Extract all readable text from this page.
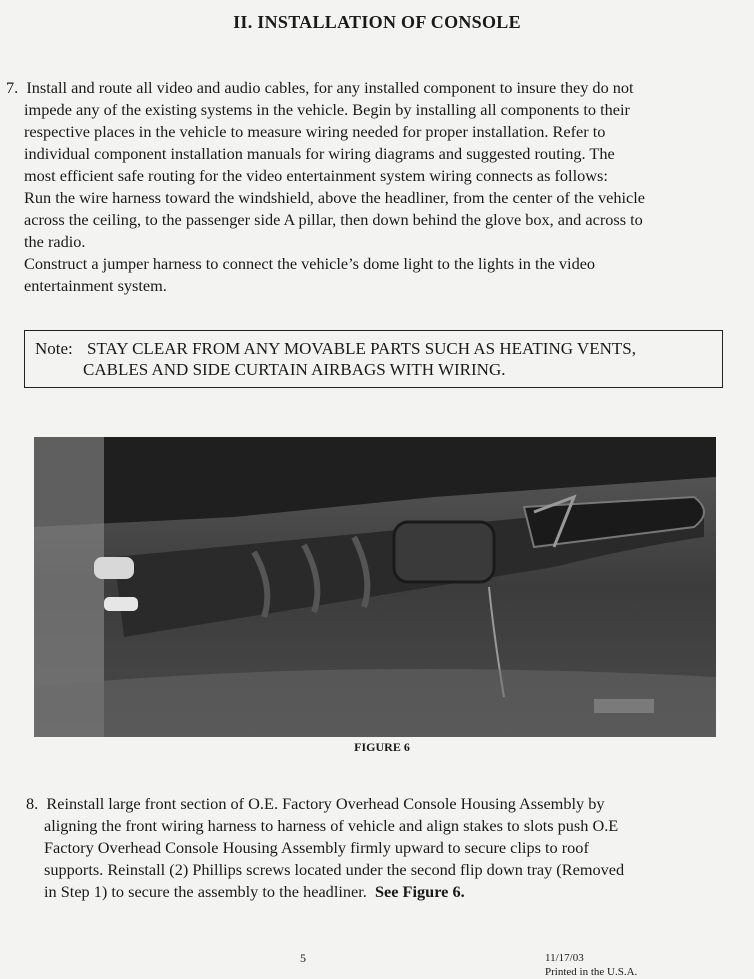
II. INSTALLATION OF CONSOLE
7. Install and route all video and audio cables, for any installed component to insure they do not
impede any of the existing systems in the vehicle. Begin by installing all components to their
respective places in the vehicle to measure wiring needed for proper installation. Refer to
individual component installation manuals for wiring diagrams and suggested routing. The
most efficient safe routing for the video entertainment system wiring connects as follows:
Run the wire harness toward the windshield, above the headliner, from the center of the vehicle
across the ceiling, to the passenger side A pillar, then down behind the glove box, and across to
the radio.
Construct a jumper harness to connect the vehicle’s dome light to the lights in the video
entertainment system.
Note: STAY CLEAR FROM ANY MOVABLE PARTS SUCH AS HEATING VENTS,
CABLES AND SIDE CURTAIN AIRBAGS WITH WIRING.
FIGURE 6
8. Reinstall large front section of O.E. Factory Overhead Console Housing Assembly by
aligning the front wiring harness to harness of vehicle and align stakes to slots push O.E
Factory Overhead Console Housing Assembly firmly upward to secure clips to roof
supports. Reinstall (2) Phillips screws located under the second flip down tray (Removed
in Step 1) to secure the assembly to the headliner. See Figure 6.
5	11/17/03
Printed in the U.S.A.
